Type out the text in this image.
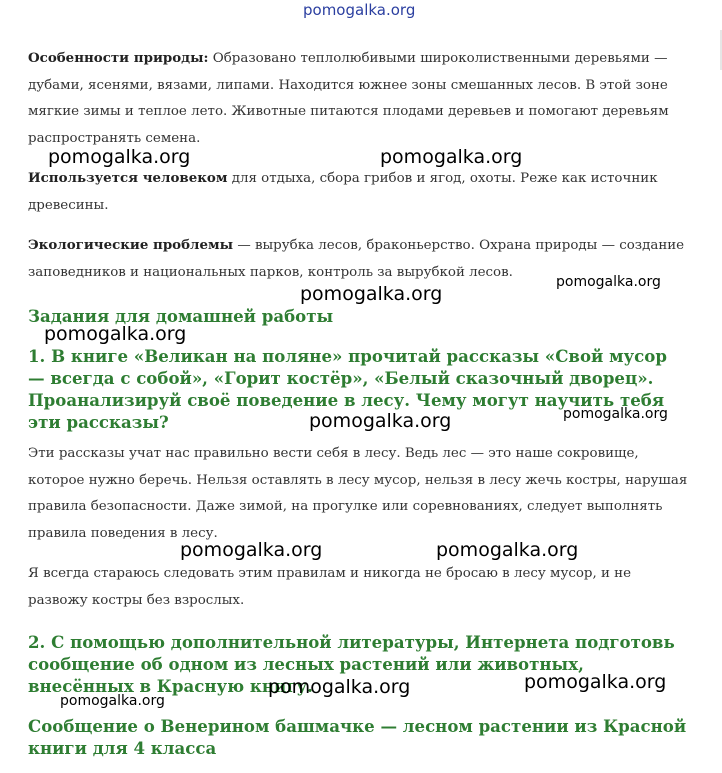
pomogalka.org

Особенности природы: Образовано теплолюбивыми широколиственными деревьями — дубами, ясенями, вязами, липами. Находится южнее зоны смешанных лесов. В этой зоне мягкие зимы и теплое лето. Животные питаются плодами деревьев и помогают деревьям распространять семена.

Используется человеком для отдыха, сбора грибов и ягод, охоты. Реже как источник древесины.

Экологические проблемы — вырубка лесов, браконьерство. Охрана природы — создание заповедников и национальных парков, контроль за вырубкой лесов.

Задания для домашней работы
1. В книге «Великан на поляне» прочитай рассказы «Свой мусор — всегда с собой», «Горит костёр», «Белый сказочный дворец». Проанализируй своё поведение в лесу. Чему могут научить тебя эти рассказы?

Эти рассказы учат нас правильно вести себя в лесу. Ведь лес — это наше сокровище, которое нужно беречь. Нельзя оставлять в лесу мусор, нельзя в лесу жечь костры, нарушая правила безопасности. Даже зимой, на прогулке или соревнованиях, следует выполнять правила поведения в лесу.

Я всегда стараюсь следовать этим правилам и никогда не бросаю в лесу мусор, и не развожу костры без взрослых.

2. С помощью дополнительной литературы, Интернета подготовь сообщение об одном из лесных растений или животных, внесённых в Красную книгу.
Сообщение о Венерином башмачке — лесном растении из Красной книги для 4 класса
pomogalka.org	pomogalka.org
pomogalka.org
pomogalka.org
pomogalka.org
pomogalka.org
pomogalka.org
pomogalka.org	pomogalka.org
pomogalka.org	pomogalka.org
pomogalka.org
